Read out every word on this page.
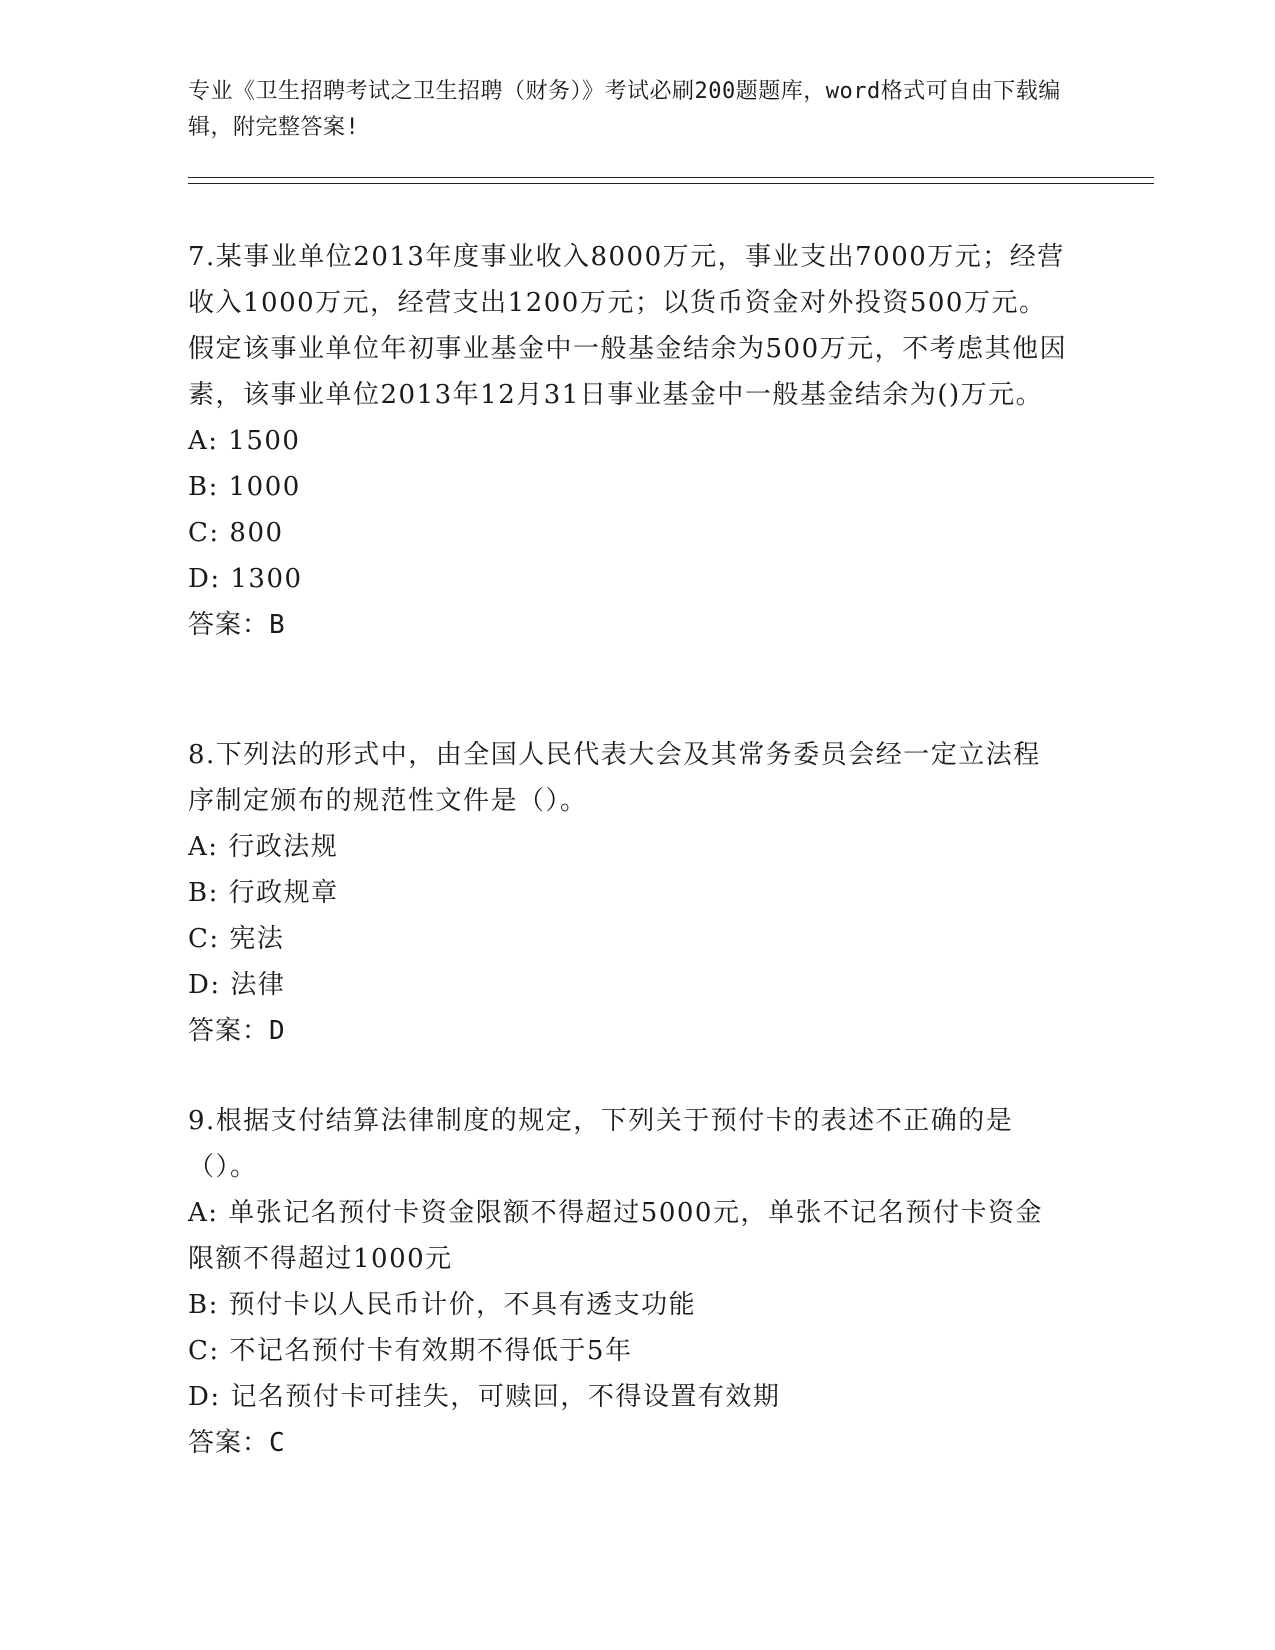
专业《卫生招聘考试之卫生招聘（财务）》考试必刷200题题库，word格式可自由下载编辑，附完整答案!
7.某事业单位2013年度事业收入8000万元，事业支出7000万元；经营收入1000万元，经营支出1200万元；以货币资金对外投资500万元。假定该事业单位年初事业基金中一般基金结余为500万元，不考虑其他因素，该事业单位2013年12月31日事业基金中一般基金结余为()万元。
A: 1500
B: 1000
C: 800
D: 1300
答案：B
8.下列法的形式中，由全国人民代表大会及其常务委员会经一定立法程序制定颁布的规范性文件是（）。
A: 行政法规
B: 行政规章
C: 宪法
D: 法律
答案：D
9.根据支付结算法律制度的规定，下列关于预付卡的表述不正确的是（）。
A: 单张记名预付卡资金限额不得超过5000元，单张不记名预付卡资金限额不得超过1000元
B: 预付卡以人民币计价，不具有透支功能
C: 不记名预付卡有效期不得低于5年
D: 记名预付卡可挂失，可赎回，不得设置有效期
答案：C
